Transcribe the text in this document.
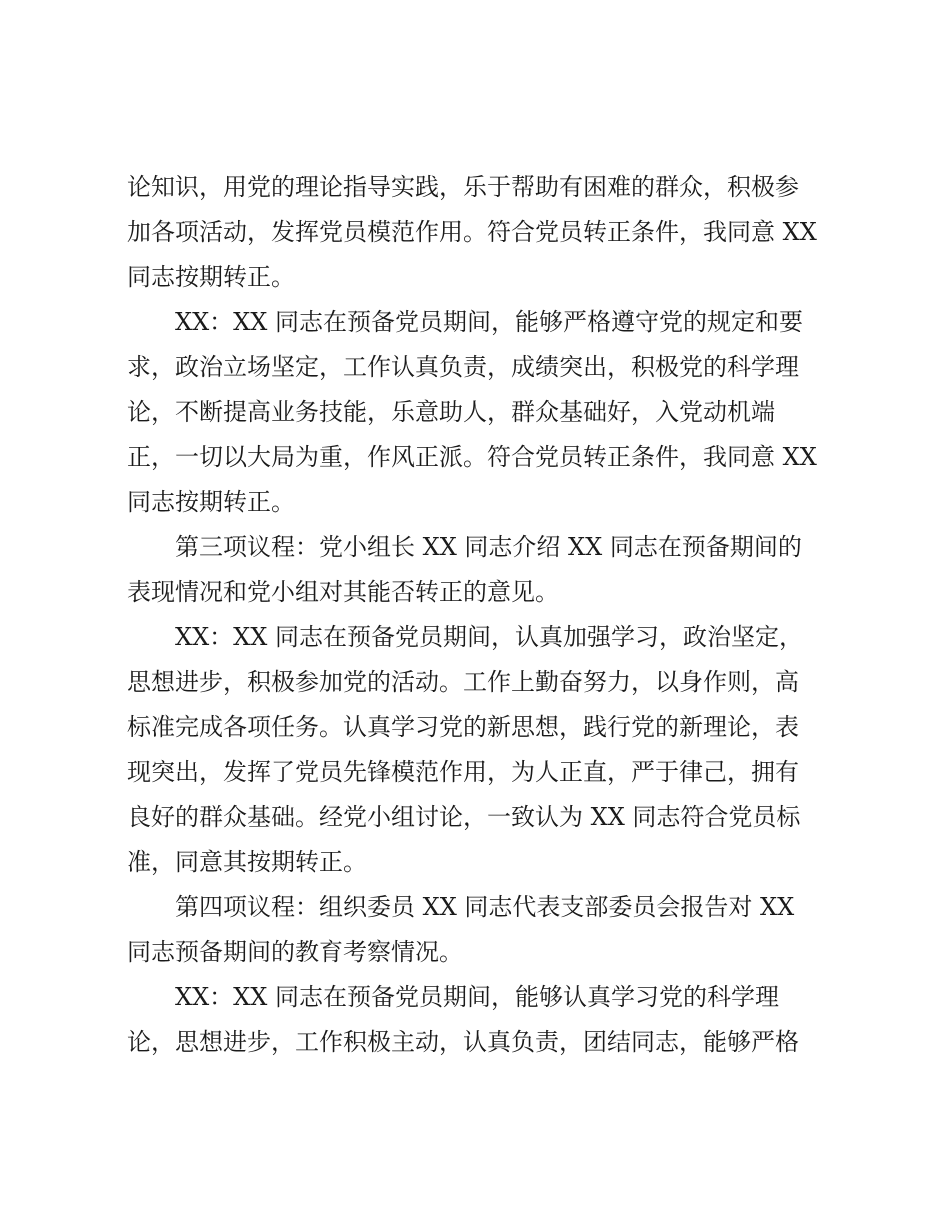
论知识，用党的理论指导实践，乐于帮助有困难的群众，积极参
加各项活动，发挥党员模范作用。符合党员转正条件，我同意 XX
同志按期转正。
XX：XX 同志在预备党员期间，能够严格遵守党的规定和要
求，政治立场坚定，工作认真负责，成绩突出，积极党的科学理
论，不断提高业务技能，乐意助人，群众基础好，入党动机端
正，一切以大局为重，作风正派。符合党员转正条件，我同意 XX
同志按期转正。
第三项议程：党小组长 XX 同志介绍 XX 同志在预备期间的
表现情况和党小组对其能否转正的意见。
XX：XX 同志在预备党员期间，认真加强学习，政治坚定，
思想进步，积极参加党的活动。工作上勤奋努力，以身作则，高
标准完成各项任务。认真学习党的新思想，践行党的新理论，表
现突出，发挥了党员先锋模范作用，为人正直，严于律己，拥有
良好的群众基础。经党小组讨论，一致认为 XX 同志符合党员标
准，同意其按期转正。
第四项议程：组织委员 XX 同志代表支部委员会报告对 XX
同志预备期间的教育考察情况。
XX：XX 同志在预备党员期间，能够认真学习党的科学理
论，思想进步，工作积极主动，认真负责，团结同志，能够严格
